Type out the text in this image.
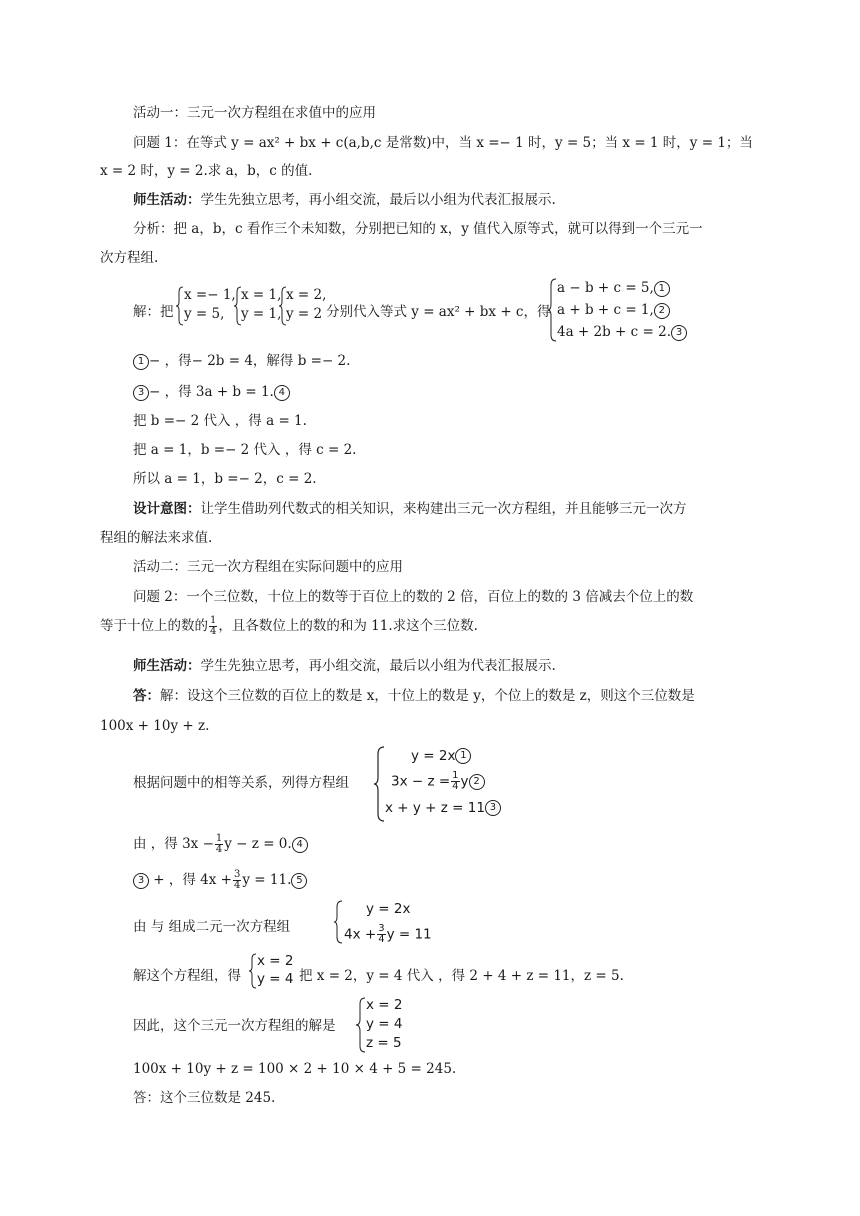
活动一：三元一次方程组在求值中的应用
问题 1：在等式 y = ax² + bx + c(a,b,c 是常数)中，当 x =− 1 时，y = 5；当 x = 1 时，y = 1；当
x = 2 时，y = 2.求 a，b，c 的值.
师生活动：学生先独立思考，再小组交流，最后以小组为代表汇报展示.
分析：把 a，b，c 看作三个未知数，分别把已知的 x，y 值代入原等式，就可以得到一个三元一
次方程组.
解：把
x =− 1,
y = 5,
x = 1,
y = 1,
x = 2,
y = 2 分别代入等式 y = ax² + bx + c，得
a − b + c = 5, 1
a + b + c = 1, 2
4a + 2b + c = 2. 3
1 − ，得− 2b = 4，解得 b =− 2.
3 − ，得 3a + b = 1. 4
把 b =− 2 代入 ，得 a = 1.
把 a = 1，b =− 2 代入 ，得 c = 2.
所以 a = 1，b =− 2，c = 2.
设计意图：让学生借助列代数式的相关知识，来构建出三元一次方程组，并且能够三元一次方
程组的解法来求值.
活动二：三元一次方程组在实际问题中的应用
问题 2：一个三位数，十位上的数等于百位上的数的 2 倍，百位上的数的 3 倍减去个位上的数
等于十位上的数的 $\frac{1}{4}$ ，且各数位上的数的和为 11.求这个三位数.
师生活动：学生先独立思考，再小组交流，最后以小组为代表汇报展示.
答：解：设这个三位数的百位上的数是 x，十位上的数是 y，个位上的数是 z，则这个三位数是
100x + 10y + z.
根据问题中的相等关系，列得方程组
y = 2x 1
$3x - z = \frac{1}{4}$ y 2
x + y + z = 11 3
由 ，得 $3x - \frac{1}{4}$ y − z = 0. 4
3 + ，得 $4x + \frac{3}{4}$ y = 11. 5
由 与 组成二元一次方程组
y = 2x
$4x + \frac{3}{4}$ y = 11
解这个方程组，得
x = 2
y = 4 把 x = 2，y = 4 代入 ，得 2 + 4 + z = 11，z = 5.
因此，这个三元一次方程组的解是
x = 2
y = 4
z = 5
100x + 10y + z = 100 × 2 + 10 × 4 + 5 = 245.
答：这个三位数是 245.
